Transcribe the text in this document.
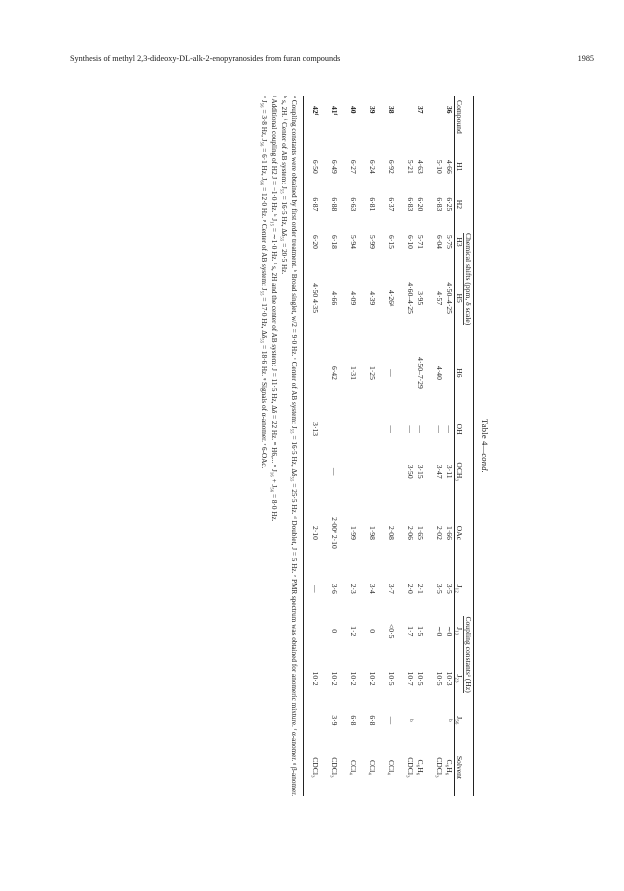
Synthesis of methyl 2,3-dideoxy-DL-alk-2-enopyranosides from furan compounds	1985
Table 4—cond.
Compound	Chemical shifts (ppm, δ scale)								Coupling constantsᵃ (Hz)				Solvent
	H1	H2	H3	H5	H6	OH	OCH₃	OAc	J₁₂	J₁₃	J₂₃	J₅₆	

36	4·66	6·25	5·75	4·50–4·25		—	3·11	1·66	3·5	∼0	10·3	ᵇ	C₆H₆
	5·10	6·83	6·04	4·57	4·40	—	3·47	2·02	3·5	∼0	10·5		CDCl₃

37	4·63	6·20	5·71	3·95	4·50–7·29	—	3·15	1·65	2·1	1·5	10·5		C₆H₆
	5·21	6·83	6·10	4·60–4·25		—	3·50	2·06	2·0	1·7	10·7	ᵇ	CDCl₃

38	6·92	6·37	6·15	4·26ᵍ	—	—		2·08	3·7	<0·5	10·5	—	CCl₄

39	6·24	6·81	5·99	4·39	1·25			1·98	3·4	0	10·2	6·8	CCl₄

40	6·27	6·63	5·94	4·09	1·31			1·99	2·3	1·2	10·2	6·8	CCl₄

41ᶠ	6·49	6·88	6·18	4·66	6·42		—	2·00ᵉ 2·10	3·6	0	10·2	3·9	CDCl₃

42ᶠ	6·50	6·87	6·20	4·50 4·35		3·13		2·10	—		10·2		CDCl₃

ᵃ Coupling constants were obtained by first order treatment. ᵇ Broad singlet, w/2 = 9·0 Hz. ᶜ Center of AB system: J₅₅ = 16·5 Hz, Δδ₅₅ = 25·5 Hz. ᵈ Doublet, J = 5 Hz. ᵉ PMR spectrum was obtained for anomeric mixture. ᶠ α-anomer. ᵍ β-anomer. ʰ s, 2H. ⁱ Center of AB system: J₅₅ = 16·5 Hz, Δδ₅₅ = 20·5 Hz.

ʲ Additional coupling of H2 J = −1·0 Hz. ᵏ J₁₅ = ∼1·0 Hz. ˡ s, 2H and the center of AB system: J = 11·5 Hz, Δδ = 22 Hz. ᵐ H6,... ⁿ J₁₆ + J₅₆ = 8·0 Hz.

ᵒ J₅₆ = 3·8 Hz, J₅₆ = 6·1 Hz, J₆₆ = 12·0 Hz. ᵖ Center of AB system: J₅₅ = 17·0 Hz, Δδ₅₅ = 18·6 Hz. ᵠ Signals of α-anomer. ʳ 6-OAc.
